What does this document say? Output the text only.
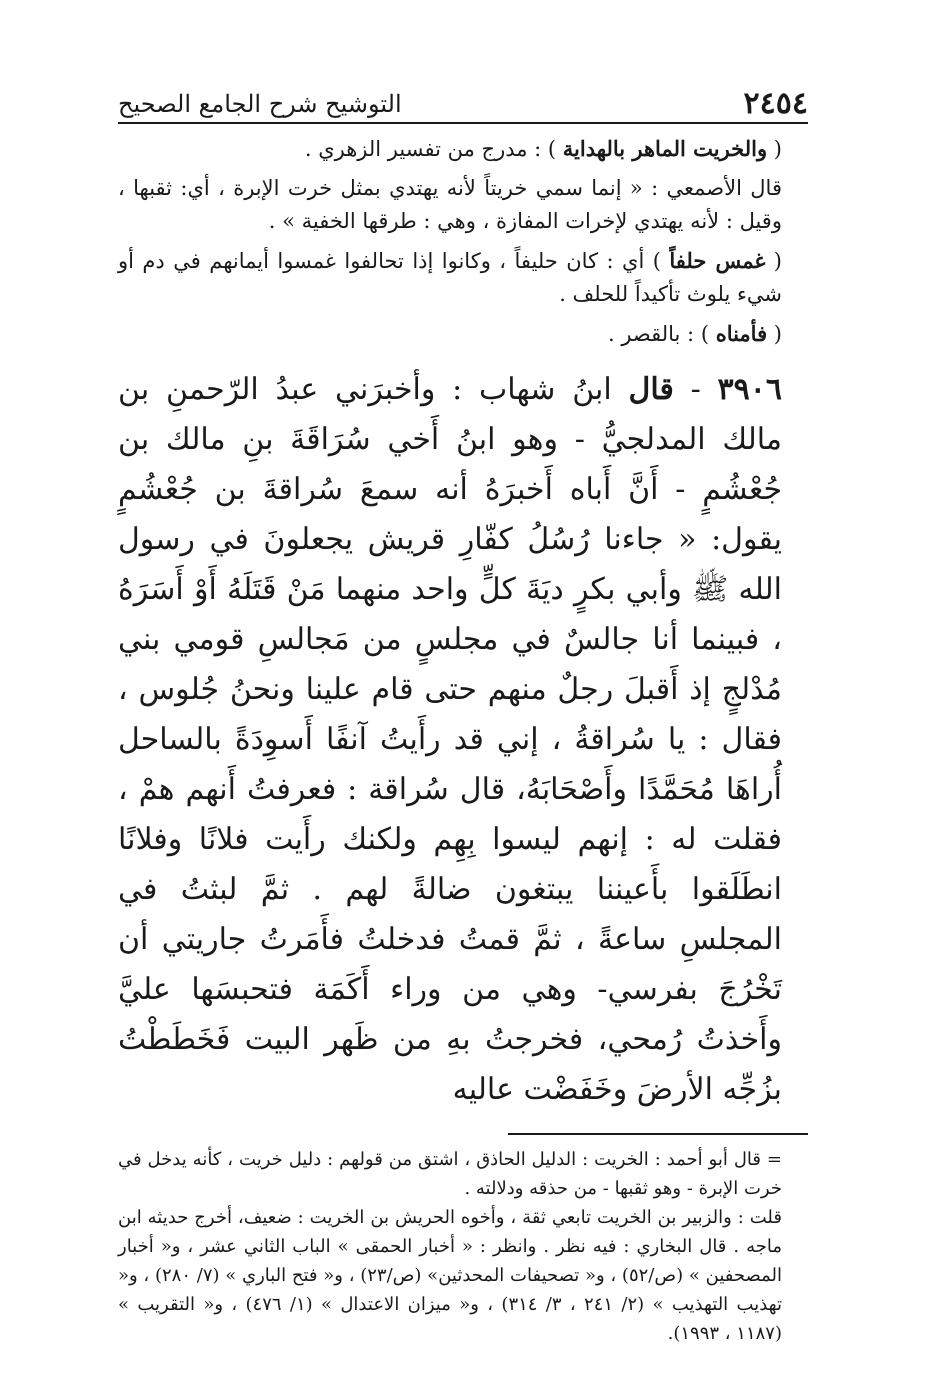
٢٤٥٤
التوشيح شرح الجامع الصحيح

( والخريت الماهر بالهداية ) : مدرج من تفسير الزهري .

قال الأصمعي : « إنما سمي خريتاً لأنه يهتدي بمثل خرت الإبرة ، أي: ثقبها ، وقيل : لأنه يهتدي لإخرات المفازة ، وهي : طرقها الخفية » .

( غمس حلفاً ) أي : كان حليفاً ، وكانوا إذا تحالفوا غمسوا أيمانهم في دم أو شيء يلوث تأكيداً للحلف .

( فأمناه ) : بالقصر .

٣٩٠٦ - قال ابنُ شهاب : وأخبرَني عبدُ الرّحمنِ بن مالك المدلجيُّ - وهو ابنُ أَخي سُرَاقَةَ بنِ مالك بن جُعْشُمٍ - أَنَّ أَباه أَخبرَهُ أنه سمعَ سُراقةَ بن جُعْشُمٍ يقول: « جاءنا رُسُلُ كفّارِ قريش يجعلونَ في رسول الله ﷺ وأبي بكرٍ ديَةَ كلٍّ واحد منهما مَنْ قَتَلَهُ أَوْ أَسَرَهُ ، فبينما أنا جالسٌ في مجلسٍ من مَجالسِ قومي بني مُدْلجٍ إذ أَقبلَ رجلٌ منهم حتى قام علينا ونحنُ جُلوس ، فقال : يا سُراقةُ ، إني قد رأَيتُ آنفًا أَسوِدَةً بالساحل أُراهَا مُحَمَّدًا وأَصْحَابَهُ، قال سُراقة : فعرفتُ أَنهم همْ ، فقلت له : إنهم ليسوا بِهِم ولكنك رأَيت فلانًا وفلانًا انطَلَقوا بأَعيننا يبتغون ضالةً لهم . ثمَّ لبثتُ في المجلسِ ساعةً ، ثمَّ قمتُ فدخلتُ فأَمَرتُ جاريتي أن تَخْرُجَ بفرسي- وهي من وراء أَكَمَة فتحبسَها عليَّ وأَخذتُ رُمحي، فخرجتُ بهِ من ظَهر البيت فَخَطَطْتُ بزُجِّه الأرضَ وخَفَضْت عاليه

= قال أبو أحمد : الخريت : الدليل الحاذق ، اشتق من قولهم : دليل خريت ، كأنه يدخل في خرت الإبرة - وهو ثقبها - من حذقه ودلالته .

قلت : والزبير بن الخريت تابعي ثقة ، وأخوه الحريش بن الخريت : ضعيف، أخرج حديثه ابن ماجه . قال البخاري : فيه نظر . وانظر : « أخبار الحمقى » الباب الثاني عشر ، و« أخبار المصحفين » (ص/٥٢) ، و« تصحيفات المحدثين» (ص/٢٣) ، و« فتح الباري » (٧/ ٢٨٠) ، و« تهذيب التهذيب » (٢/ ٢٤١ ، ٣/ ٣١٤) ، و« ميزان الاعتدال » (١/ ٤٧٦) ، و« التقريب » (١١٨٧ ، ١٩٩٣).
